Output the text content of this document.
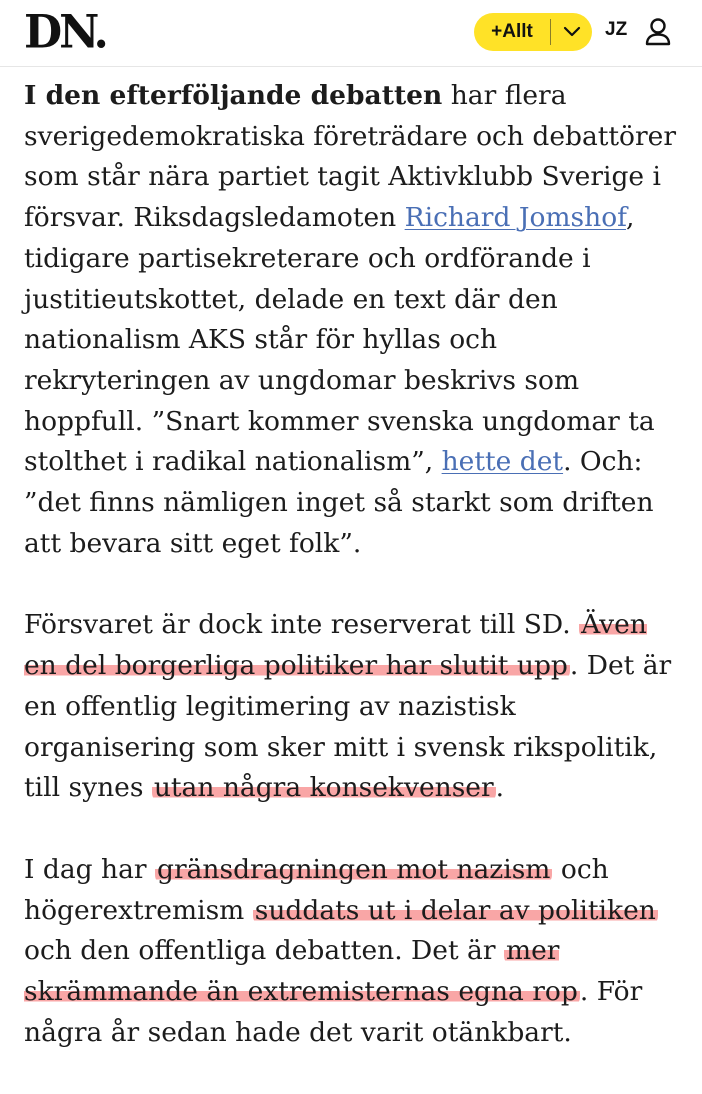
DN.	+Allt	JZ

I den efterföljande debatten har flera sverigedemokratiska företrädare och debattörer som står nära partiet tagit Aktivklubb Sverige i försvar. Riksdagsledamoten Richard Jomshof, tidigare partisekreterare och ordförande i justitieutskottet, delade en text där den nationalism AKS står för hyllas och rekryteringen av ungdomar beskrivs som hoppfull. ”Snart kommer svenska ungdomar ta stolthet i radikal nationalism”, hette det. Och: ”det finns nämligen inget så starkt som driften att bevara sitt eget folk”.

Försvaret är dock inte reserverat till SD. Även en del borgerliga politiker har slutit upp. Det är en offentlig legitimering av nazistisk organisering som sker mitt i svensk rikspolitik, till synes utan några konsekvenser.

I dag har gränsdragningen mot nazism och högerextremism suddats ut i delar av politiken och den offentliga debatten. Det är mer skrämmande än extremisternas egna rop. För några år sedan hade det varit otänkbart.
